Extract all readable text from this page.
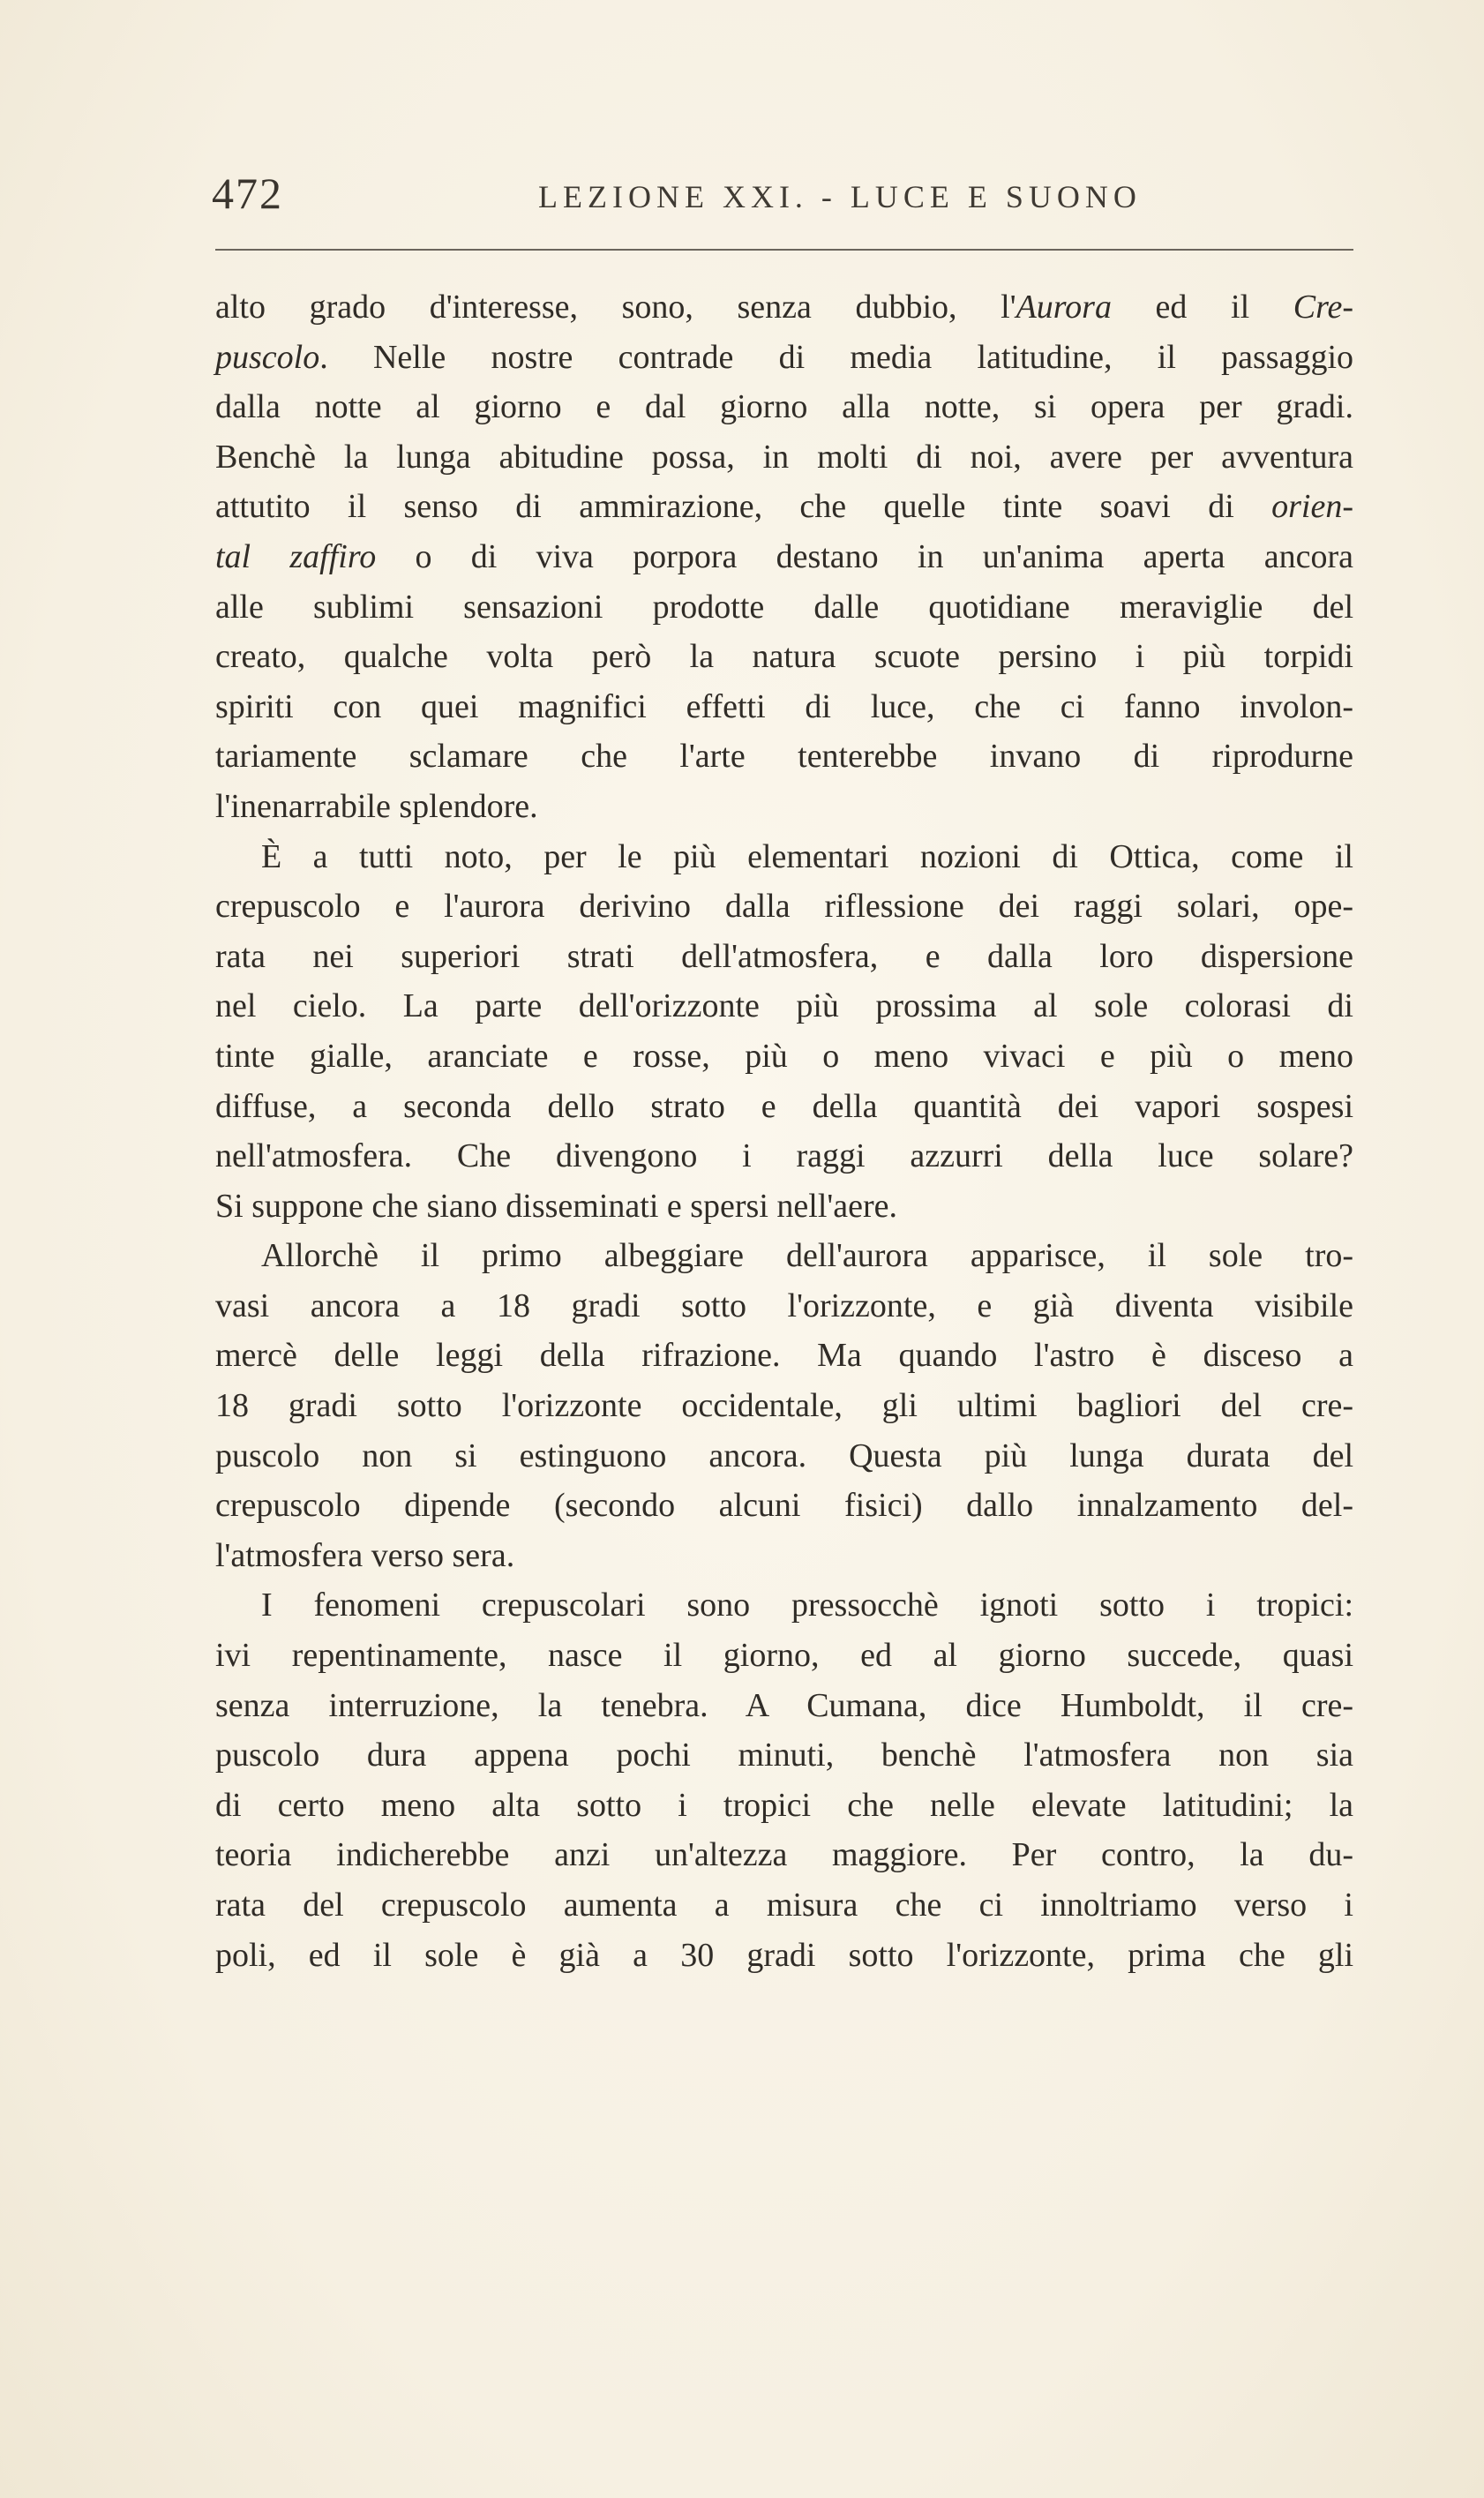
472	LEZIONE XXI. - LUCE E SUONO
alto grado d'interesse, sono, senza dubbio, l'Aurora ed il Cre-
puscolo. Nelle nostre contrade di media latitudine, il passaggio
dalla notte al giorno e dal giorno alla notte, si opera per gradi.
Benchè la lunga abitudine possa, in molti di noi, avere per avventura
attutito il senso di ammirazione, che quelle tinte soavi di orien-
tal zaffiro o di viva porpora destano in un'anima aperta ancora
alle sublimi sensazioni prodotte dalle quotidiane meraviglie del
creato, qualche volta però la natura scuote persino i più torpidi
spiriti con quei magnifici effetti di luce, che ci fanno involon-
tariamente sclamare che l'arte tenterebbe invano di riprodurne
l'inenarrabile splendore.
È a tutti noto, per le più elementari nozioni di Ottica, come il
crepuscolo e l'aurora derivino dalla riflessione dei raggi solari, ope-
rata nei superiori strati dell'atmosfera, e dalla loro dispersione
nel cielo. La parte dell'orizzonte più prossima al sole colorasi di
tinte gialle, aranciate e rosse, più o meno vivaci e più o meno
diffuse, a seconda dello strato e della quantità dei vapori sospesi
nell'atmosfera. Che divengono i raggi azzurri della luce solare?
Si suppone che siano disseminati e spersi nell'aere.
Allorchè il primo albeggiare dell'aurora apparisce, il sole tro-
vasi ancora a 18 gradi sotto l'orizzonte, e già diventa visibile
mercè delle leggi della rifrazione. Ma quando l'astro è disceso a
18 gradi sotto l'orizzonte occidentale, gli ultimi bagliori del cre-
puscolo non si estinguono ancora. Questa più lunga durata del
crepuscolo dipende (secondo alcuni fisici) dallo innalzamento del-
l'atmosfera verso sera.
I fenomeni crepuscolari sono pressocchè ignoti sotto i tropici:
ivi repentinamente, nasce il giorno, ed al giorno succede, quasi
senza interruzione, la tenebra. A Cumana, dice Humboldt, il cre-
puscolo dura appena pochi minuti, benchè l'atmosfera non sia
di certo meno alta sotto i tropici che nelle elevate latitudini; la
teoria indicherebbe anzi un'altezza maggiore. Per contro, la du-
rata del crepuscolo aumenta a misura che ci innoltriamo verso i
poli, ed il sole è già a 30 gradi sotto l'orizzonte, prima che gli
